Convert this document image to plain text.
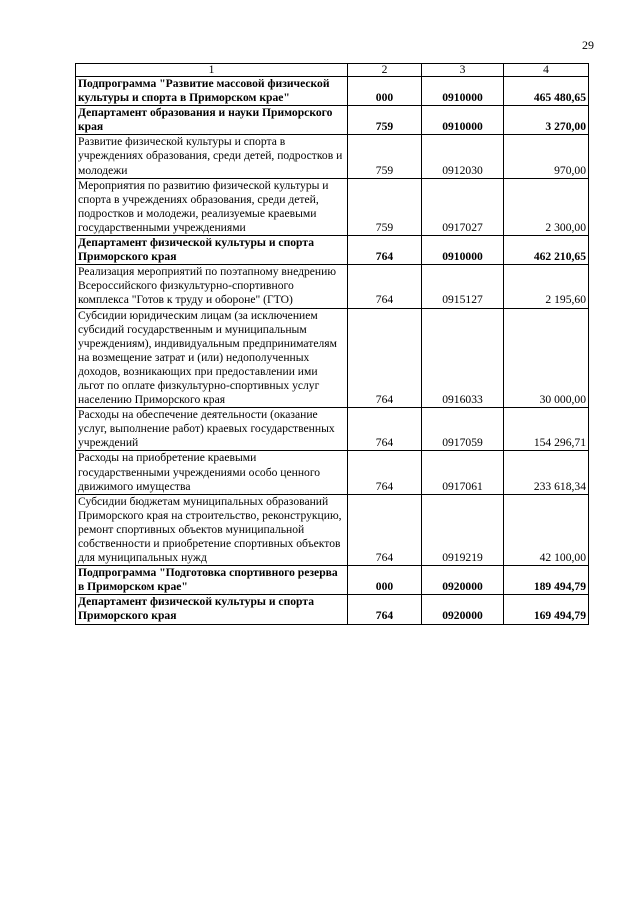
29
1	2	3	4
Подпрограмма "Развитие массовой физической культуры и спорта в Приморском крае"	000	0910000	465 480,65
Департамент образования и науки Приморского края	759	0910000	3 270,00
Развитие физической культуры и спорта в учреждениях образования, среди детей, подростков и молодежи	759	0912030	970,00
Мероприятия по развитию физической культуры и спорта в учреждениях образования, среди детей, подростков и молодежи, реализуемые краевыми государственными учреждениями	759	0917027	2 300,00
Департамент физической культуры и спорта Приморского края	764	0910000	462 210,65
Реализация мероприятий по поэтапному внедрению Всероссийского физкультурно-спортивного комплекса "Готов к труду и обороне" (ГТО)	764	0915127	2 195,60
Субсидии юридическим лицам (за исключением субсидий государственным и муниципальным учреждениям), индивидуальным предпринимателям на возмещение затрат и (или) недополученных доходов, возникающих при предоставлении ими льгот по оплате физкультурно-спортивных услуг населению Приморского края	764	0916033	30 000,00
Расходы на обеспечение деятельности (оказание услуг, выполнение работ) краевых государственных учреждений	764	0917059	154 296,71
Расходы на приобретение краевыми государственными учреждениями особо ценного движимого имущества	764	0917061	233 618,34
Субсидии бюджетам муниципальных образований Приморского края на строительство, реконструкцию, ремонт спортивных объектов муниципальной собственности и приобретение спортивных объектов для муниципальных нужд	764	0919219	42 100,00
Подпрограмма "Подготовка спортивного резерва в Приморском крае"	000	0920000	189 494,79
Департамент физической культуры и спорта Приморского края	764	0920000	169 494,79
